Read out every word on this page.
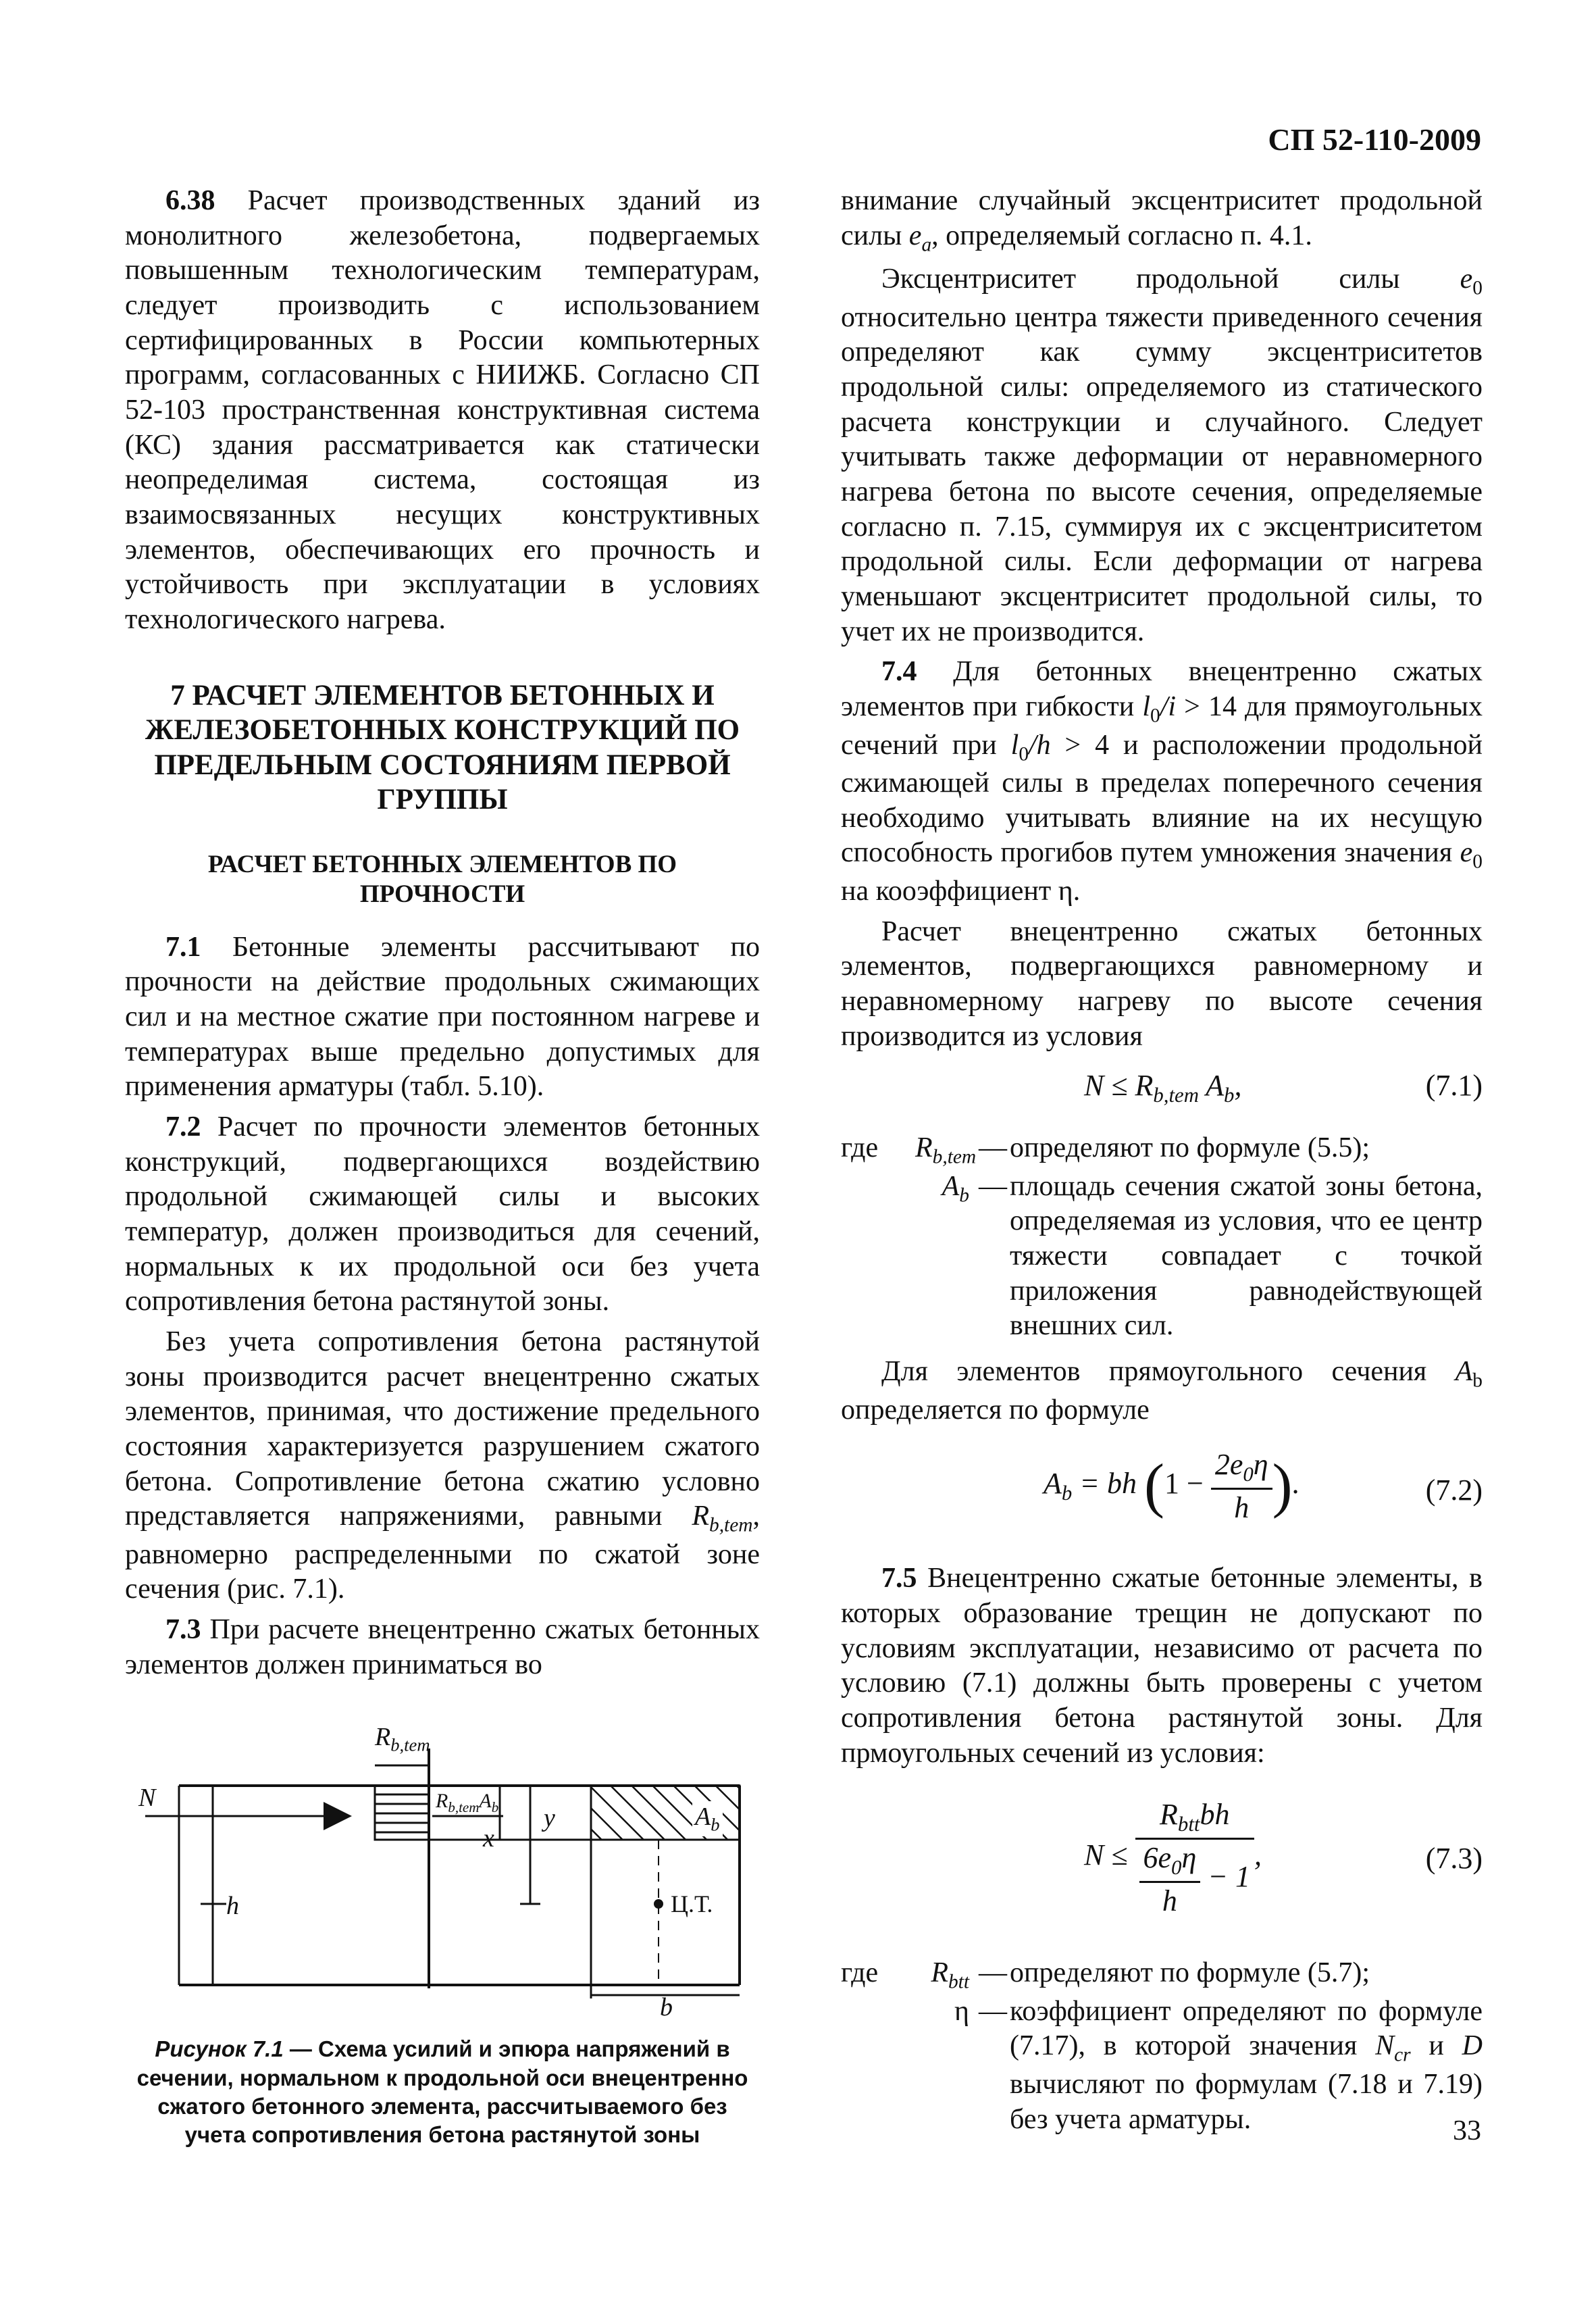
СП 52-110-2009

6.38 Расчет производственных зданий из монолитного железобетона, подвергаемых повышенным технологическим температурам, следует производить с использованием сертифицированных в России компьютерных программ, согласованных с НИИЖБ. Согласно СП 52-103 пространственная конструктивная система (КС) здания рассматривается как статически неопределимая система, состоящая из взаимосвязанных несущих конструктивных элементов, обеспечивающих его прочность и устойчивость при эксплуатации в условиях технологического нагрева.

7 РАСЧЕТ ЭЛЕМЕНТОВ БЕТОННЫХ И ЖЕЛЕЗОБЕТОННЫХ КОНСТРУКЦИЙ ПО ПРЕДЕЛЬНЫМ СОСТОЯНИЯМ ПЕРВОЙ ГРУППЫ
РАСЧЕТ БЕТОННЫХ ЭЛЕМЕНТОВ ПО ПРОЧНОСТИ

7.1 Бетонные элементы рассчитывают по прочности на действие продольных сжимающих сил и на местное сжатие при постоянном нагреве и температурах выше предельно допустимых для применения арматуры (табл. 5.10).

7.2 Расчет по прочности элементов бетонных конструкций, подвергающихся воздействию продольной сжимающей силы и высоких температур, должен производиться для сечений, нормальных к их продольной оси без учета сопротивления бетона растянутой зоны.

Без учета сопротивления бетона растянутой зоны производится расчет внецентренно сжатых элементов, принимая, что достижение предельного состояния характеризуется разрушением сжатого бетона. Сопротивление бетона сжатию условно представляется напряжениями, равными $R_{b,tem}$, равномерно распределенными по сжатой зоне сечения (рис. 7.1).

7.3 При расчете внецентренно сжатых бетонных элементов должен приниматься во

$R_{b,tem}$
N	$R_{b,tem}A_b$
x
y	$A_b$
h	Ц.Т.
b
Рисунок 7.1 — Схема усилий и эпюра напряжений в сечении, нормальном к продольной оси внецентренно сжатого бетонного элемента, рассчитываемого без учета сопротивления бетона растянутой зоны

внимание случайный эксцентриситет продольной силы $e_a$, определяемый согласно п. 4.1.

Эксцентриситет продольной силы $e_0$ относительно центра тяжести приведенного сечения определяют как сумму эксцентриситетов продольной силы: определяемого из статического расчета конструкции и случайного. Следует учитывать также деформации от неравномерного нагрева бетона по высоте сечения, определяемые согласно п. 7.15, суммируя их с эксцентриситетом продольной силы. Если деформации от нагрева уменьшают эксцентриситет продольной силы, то учет их не производится.

7.4 Для бетонных внецентренно сжатых элементов при гибкости $l_0/i > 14$ для прямоугольных сечений при $l_0/h > 4$ и расположении продольной сжимающей силы в пределах поперечного сечения необходимо учитывать влияние на их несущую способность прогибов путем умножения значения $e_0$ на кооэффициент η.

Расчет внецентренно сжатых бетонных элементов, подвергающихся равномерному и неравномерному нагреву по высоте сечения производится из условия

$N \le R_{b,tem}$ $A_b$,	(7.1)
где	$R_{b,tem}$ — определяют по формуле (5.5);
$A_b$ — площадь сечения сжатой зоны бетона, определяемая из условия, что ее центр тяжести совпадает с точкой приложения равнодействующей внешних сил.

Для элементов прямоугольного сечения $A_b$ определяется по формуле

$A_b$ = bh ($1 - \frac{2e_0\eta}{h}$ ).	(7.2)

7.5 Внецентренно сжатые бетонные элементы, в которых образование трещин не допускают по условиям эксплуатации, независимо от расчета по условию (7.1) должны быть проверены с учетом сопротивления бетона растянутой зоны. Для прмоугольных сечений из условия:

N ≤
$R_{btt}bh$
$\frac{6e_0\eta}{h} - 1$
,	(7.3)
где	$R_{btt}$ — определяют по формуле (5.7);
η — коэффициент определяют по формуле (7.17), в которой значения $N_{cr}$ и D вычисляют по формулам (7.18 и 7.19) без учета арматуры.	33
